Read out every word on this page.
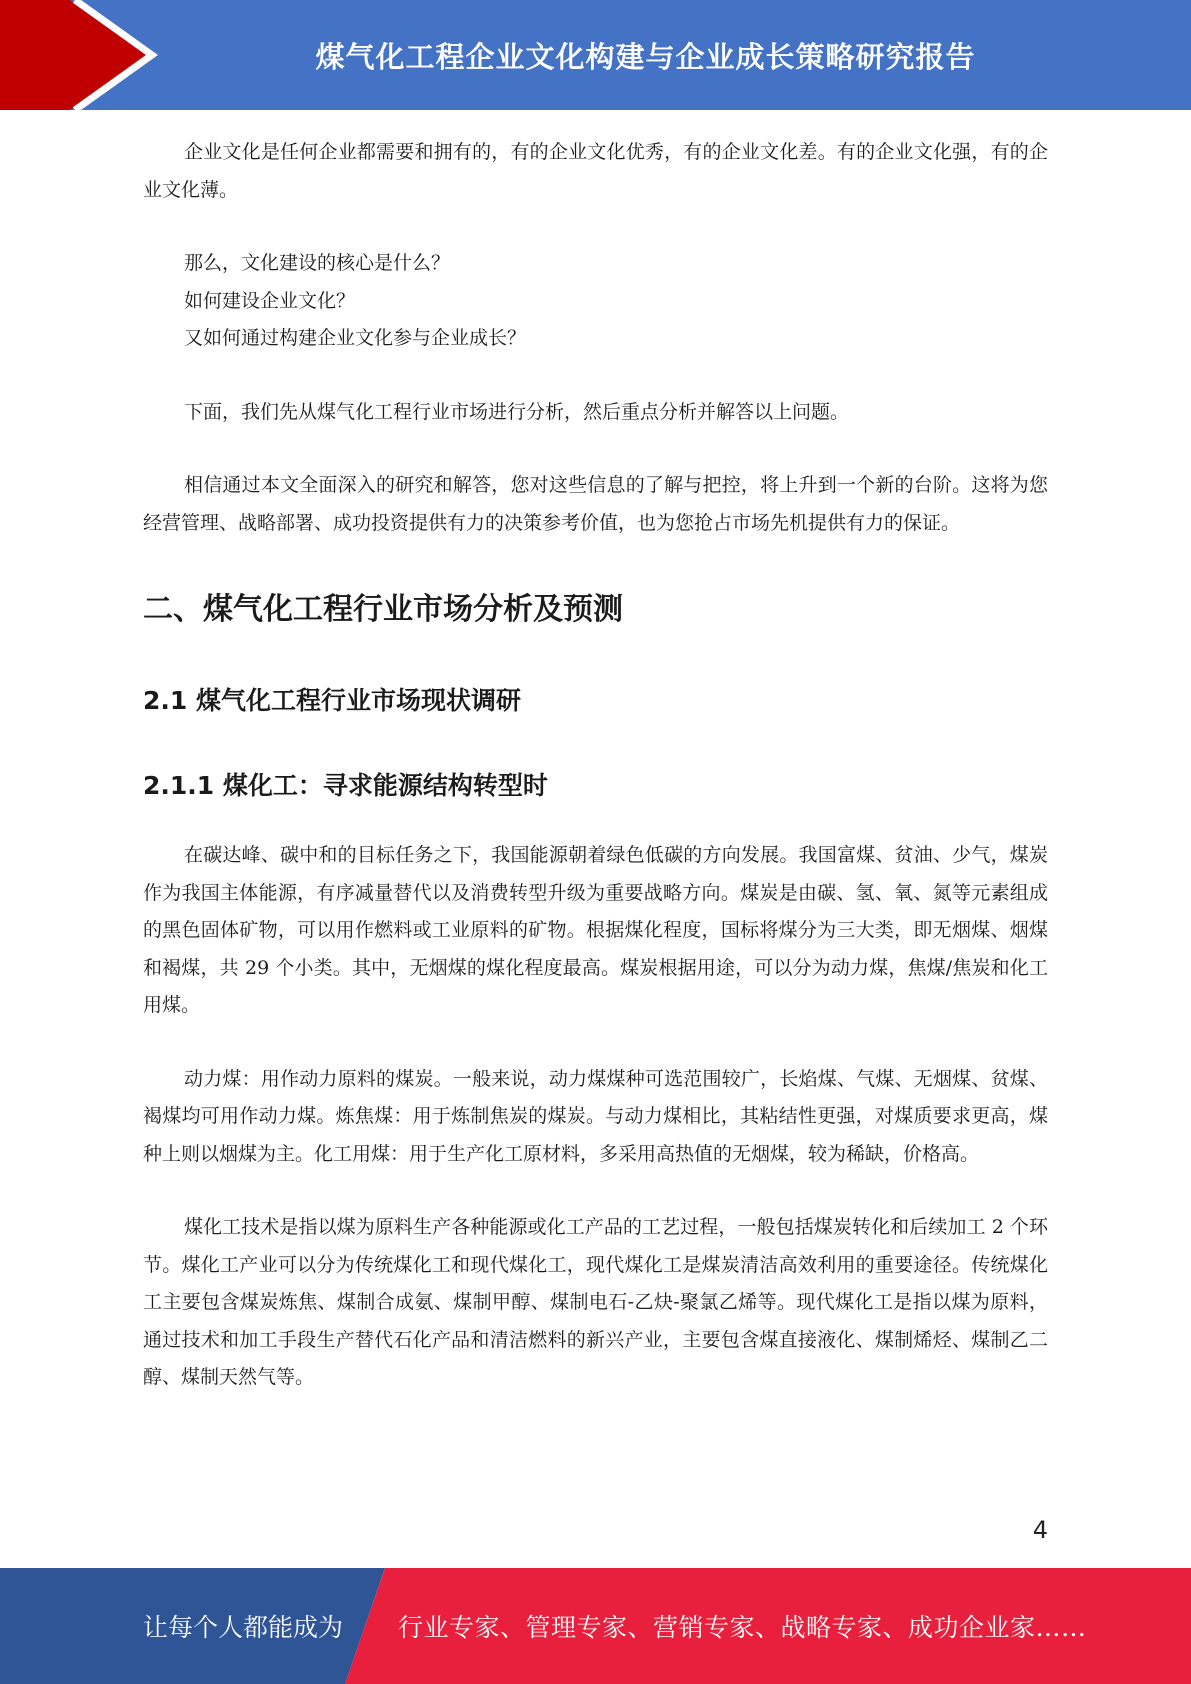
煤气化工程企业文化构建与企业成长策略研究报告

企业文化是任何企业都需要和拥有的，有的企业文化优秀，有的企业文化差。有的企业文化强，有的企业文化薄。

那么，文化建设的核心是什么？

如何建设企业文化？

又如何通过构建企业文化参与企业成长？

下面，我们先从煤气化工程行业市场进行分析，然后重点分析并解答以上问题。

相信通过本文全面深入的研究和解答，您对这些信息的了解与把控，将上升到一个新的台阶。这将为您经营管理、战略部署、成功投资提供有力的决策参考价值，也为您抢占市场先机提供有力的保证。

二、煤气化工程行业市场分析及预测
2.1 煤气化工程行业市场现状调研
2.1.1 煤化工：寻求能源结构转型时

在碳达峰、碳中和的目标任务之下，我国能源朝着绿色低碳的方向发展。我国富煤、贫油、少气，煤炭作为我国主体能源，有序减量替代以及消费转型升级为重要战略方向。煤炭是由碳、氢、氧、氮等元素组成的黑色固体矿物，可以用作燃料或工业原料的矿物。根据煤化程度，国标将煤分为三大类，即无烟煤、烟煤和褐煤，共 29 个小类。其中，无烟煤的煤化程度最高。煤炭根据用途，可以分为动力煤，焦煤/焦炭和化工用煤。

动力煤：用作动力原料的煤炭。一般来说，动力煤煤种可选范围较广，长焰煤、气煤、无烟煤、贫煤、褐煤均可用作动力煤。炼焦煤：用于炼制焦炭的煤炭。与动力煤相比，其粘结性更强，对煤质要求更高，煤种上则以烟煤为主。化工用煤：用于生产化工原材料，多采用高热值的无烟煤，较为稀缺，价格高。

煤化工技术是指以煤为原料生产各种能源或化工产品的工艺过程，一般包括煤炭转化和后续加工 2 个环节。煤化工产业可以分为传统煤化工和现代煤化工，现代煤化工是煤炭清洁高效利用的重要途径。传统煤化工主要包含煤炭炼焦、煤制合成氨、煤制甲醇、煤制电石-乙炔-聚氯乙烯等。现代煤化工是指以煤为原料，通过技术和加工手段生产替代石化产品和清洁燃料的新兴产业，主要包含煤直接液化、煤制烯烃、煤制乙二醇、煤制天然气等。

4
让每个人都能成为 行业专家、管理专家、营销专家、战略专家、成功企业家……
